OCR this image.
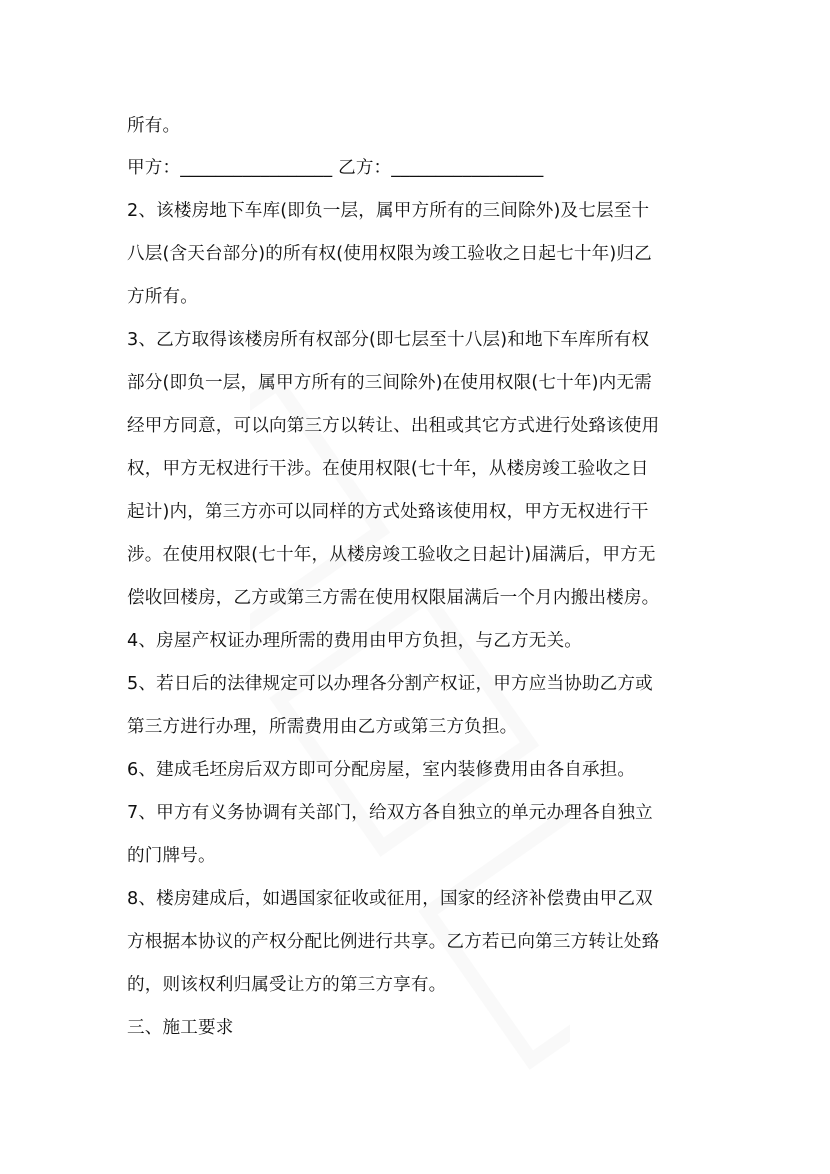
所有。

甲方：_________________ 乙方：_________________

2、该楼房地下车库(即负一层，属甲方所有的三间除外)及七层至十

八层(含天台部分)的所有权(使用权限为竣工验收之日起七十年)归乙

方所有。

3、乙方取得该楼房所有权部分(即七层至十八层)和地下车库所有权

部分(即负一层，属甲方所有的三间除外)在使用权限(七十年)内无需

经甲方同意，可以向第三方以转让、出租或其它方式进行处臵该使用

权，甲方无权进行干涉。在使用权限(七十年，从楼房竣工验收之日

起计)内，第三方亦可以同样的方式处臵该使用权，甲方无权进行干

涉。在使用权限(七十年，从楼房竣工验收之日起计)届满后，甲方无

偿收回楼房，乙方或第三方需在使用权限届满后一个月内搬出楼房。

4、房屋产权证办理所需的费用由甲方负担，与乙方无关。

5、若日后的法律规定可以办理各分割产权证，甲方应当协助乙方或

第三方进行办理，所需费用由乙方或第三方负担。

6、建成毛坯房后双方即可分配房屋，室内装修费用由各自承担。

7、甲方有义务协调有关部门，给双方各自独立的单元办理各自独立

的门牌号。

8、楼房建成后，如遇国家征收或征用，国家的经济补偿费由甲乙双

方根据本协议的产权分配比例进行共享。乙方若已向第三方转让处臵

的，则该权利归属受让方的第三方享有。

三、施工要求
